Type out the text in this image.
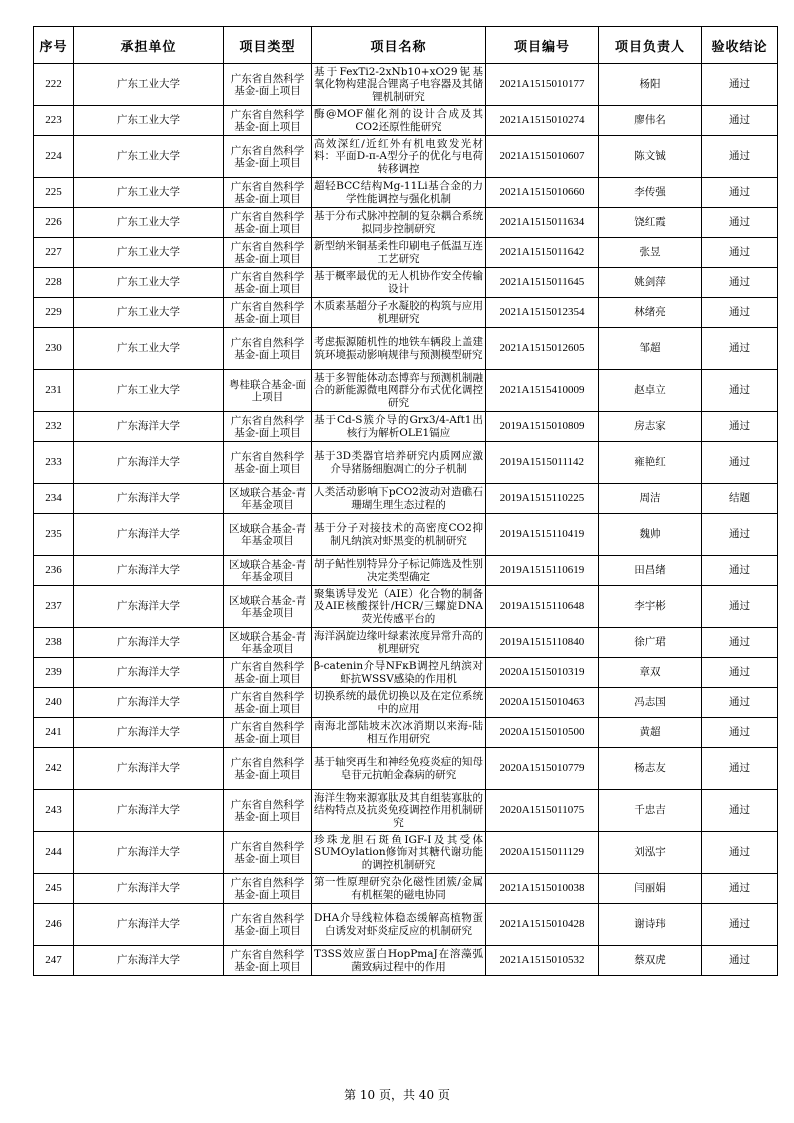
序号	承担单位	项目类型	项目名称	项目编号	项目负责人	验收结论
222	广东工业大学	广东省自然科学基金-面上项目	基于FexTi2-2xNb10+xO29铌基氧化物构建混合锂离子电容器及其储锂机制研究	2021A1515010177	杨阳	通过
223	广东工业大学	广东省自然科学基金-面上项目	酶@MOF催化剂的设计合成及其CO2还原性能研究	2021A1515010274	廖伟名	通过
224	广东工业大学	广东省自然科学基金-面上项目	高效深红/近红外有机电致发光材料：平面D-π-A型分子的优化与电荷转移调控	2021A1515010607	陈文铖	通过
225	广东工业大学	广东省自然科学基金-面上项目	超轻BCC结构Mg-11Li基合金的力学性能调控与强化机制	2021A1515010660	李传强	通过
226	广东工业大学	广东省自然科学基金-面上项目	基于分布式脉冲控制的复杂耦合系统拟同步控制研究	2021A1515011634	饶红霞	通过
227	广东工业大学	广东省自然科学基金-面上项目	新型纳米铜基柔性印刷电子低温互连工艺研究	2021A1515011642	张昱	通过
228	广东工业大学	广东省自然科学基金-面上项目	基于概率最优的无人机协作安全传输设计	2021A1515011645	姚剑萍	通过
229	广东工业大学	广东省自然科学基金-面上项目	木质素基超分子水凝胶的构筑与应用机理研究	2021A1515012354	林绪亮	通过
230	广东工业大学	广东省自然科学基金-面上项目	考虑振源随机性的地铁车辆段上盖建筑环境振动影响规律与预测模型研究	2021A1515012605	邹超	通过
231	广东工业大学	粤桂联合基金-面上项目	基于多智能体动态博弈与预测机制融合的新能源微电网群分布式优化调控研究	2021A1515410009	赵卓立	通过
232	广东海洋大学	广东省自然科学基金-面上项目	基于Cd-S簇介导的Grx3/4-Aft1出核行为解析OLE1镉应	2019A1515010809	房志家	通过
233	广东海洋大学	广东省自然科学基金-面上项目	基于3D类器官培养研究内质网应激介导猪肠细胞凋亡的分子机制	2019A1515011142	雍艳红	通过
234	广东海洋大学	区域联合基金-青年基金项目	人类活动影响下pCO2波动对造礁石珊瑚生理生态过程的	2019A1515110225	周洁	结题
235	广东海洋大学	区域联合基金-青年基金项目	基于分子对接技术的高密度CO2抑制凡纳滨对虾黑变的机制研究	2019A1515110419	魏帅	通过
236	广东海洋大学	区域联合基金-青年基金项目	胡子鲇性别特异分子标记筛选及性别决定类型确定	2019A1515110619	田昌绪	通过
237	广东海洋大学	区域联合基金-青年基金项目	聚集诱导发光（AIE）化合物的制备及AIE核酸探针/HCR/三螺旋DNA荧光传感平台的	2019A1515110648	李宇彬	通过
238	广东海洋大学	区域联合基金-青年基金项目	海洋涡旋边缘叶绿素浓度异常升高的机理研究	2019A1515110840	徐广珺	通过
239	广东海洋大学	广东省自然科学基金-面上项目	β-catenin介导NFκB调控凡纳滨对虾抗WSSV感染的作用机	2020A1515010319	章双	通过
240	广东海洋大学	广东省自然科学基金-面上项目	切换系统的最优切换以及在定位系统中的应用	2020A1515010463	冯志国	通过
241	广东海洋大学	广东省自然科学基金-面上项目	南海北部陆坡末次冰消期以来海-陆相互作用研究	2020A1515010500	黄超	通过
242	广东海洋大学	广东省自然科学基金-面上项目	基于轴突再生和神经免疫炎症的知母皂苷元抗帕金森病的研究	2020A1515010779	杨志友	通过
243	广东海洋大学	广东省自然科学基金-面上项目	海洋生物来源寡肽及其自组装寡肽的结构特点及抗炎免疫调控作用机制研究	2020A1515011075	千忠吉	通过
244	广东海洋大学	广东省自然科学基金-面上项目	珍珠龙胆石斑鱼IGF-I及其受体SUMOylation修饰对其糖代谢功能的调控机制研究	2020A1515011129	刘泓宇	通过
245	广东海洋大学	广东省自然科学基金-面上项目	第一性原理研究杂化磁性团簇/金属有机框架的磁电协同	2021A1515010038	闫丽娟	通过
246	广东海洋大学	广东省自然科学基金-面上项目	DHA介导线粒体稳态缓解高植物蛋白诱发对虾炎症反应的机制研究	2021A1515010428	谢诗玮	通过
247	广东海洋大学	广东省自然科学基金-面上项目	T3SS效应蛋白HopPmaJ在溶藻弧菌致病过程中的作用	2021A1515010532	蔡双虎	通过
第 10 页，共 40 页
